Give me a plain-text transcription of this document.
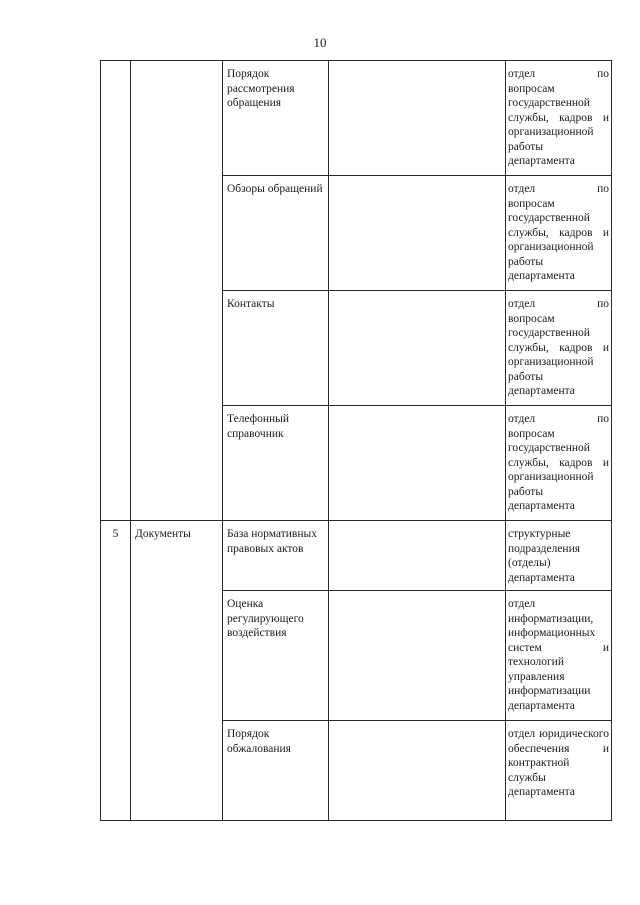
10
		Порядок рассмотрения обращения		отдел по
вопросам государственной службы, кадров и организационной работы департамента

		Обзоры обращений		отдел по
вопросам государственной службы, кадров и организационной работы департамента

		Контакты		отдел по
вопросам государственной службы, кадров и организационной работы департамента

		Телефонный справочник		отдел по
вопросам государственной службы, кадров и организационной работы департамента

5	Документы	База нормативных правовых актов		структурные подразделения (отделы) департамента

		Оценка регулирующего воздействия		отдел информатизации, информационных систем и технологий управления информатизации департамента

		Порядок обжалования		отдел юридического обеспечения и контрактной службы департамента
